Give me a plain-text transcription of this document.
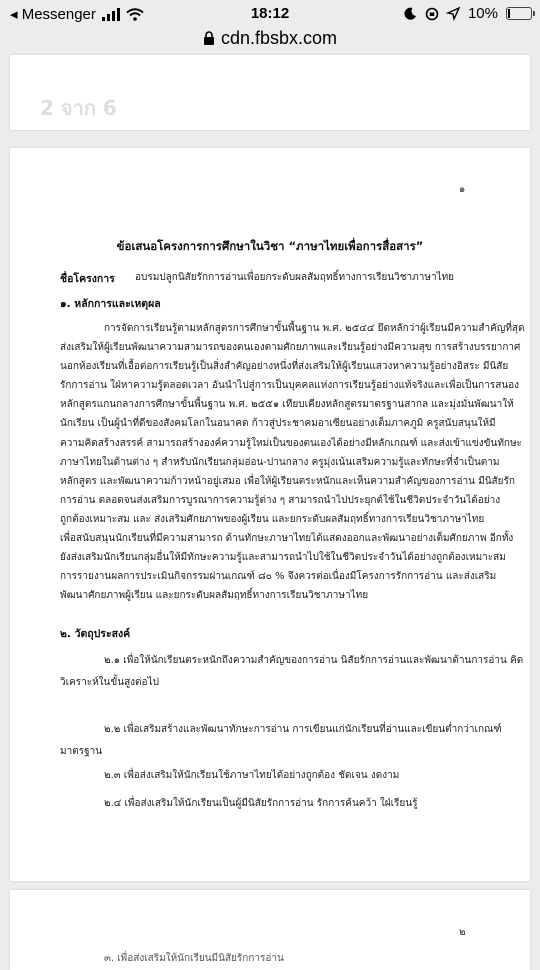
◂ Messenger	18:12	10%
cdn.fbsbx.com
2 จาก 6
๑
ข้อเสนอโครงการการศึกษาในวิชา “ภาษาไทยเพื่อการสื่อสาร”
ชื่อโครงการ อบรมปลูกนิสัยรักการอ่านเพื่อยกระดับผลสัมฤทธิ์ทางการเรียนวิชาภาษาไทย
๑. หลักการและเหตุผล
การจัดการเรียนรู้ตามหลักสูตรการศึกษาขั้นพื้นฐาน พ.ศ. ๒๕๔๔ ยึดหลักว่าผู้เรียนมีความสำคัญที่สุด
ส่งเสริมให้ผู้เรียนพัฒนาความสามารถของตนเองตามศักยภาพและเรียนรู้อย่างมีความสุข การสร้างบรรยากาศ
นอกห้องเรียนที่เอื้อต่อการเรียนรู้เป็นสิ่งสำคัญอย่างหนึ่งที่ส่งเสริมให้ผู้เรียนแสวงหาความรู้อย่างอิสระ มีนิสัย
รักการอ่าน ใฝ่หาความรู้ตลอดเวลา อันนำไปสู่การเป็นบุคคลแห่งการเรียนรู้อย่างแท้จริงและเพื่อเป็นการสนอง
หลักสูตรแกนกลางการศึกษาขั้นพื้นฐาน พ.ศ. ๒๕๕๑ เทียบเคียงหลักสูตรมาตรฐานสากล และมุ่งมั่นพัฒนาให้
นักเรียน เป็นผู้นำที่ดีของสังคมโลกในอนาคต ก้าวสู่ประชาคมอาเซียนอย่างเต็มภาคภูมิ ครูสนับสนุนให้มี
ความคิดสร้างสรรค์ สามารถสร้างองค์ความรู้ใหม่เป็นของตนเองได้อย่างมีหลักเกณฑ์ และส่งเข้าแข่งขันทักษะ
ภาษาไทยในด้านต่าง ๆ สำหรับนักเรียนกลุ่มอ่อน-ปานกลาง ครูมุ่งเน้นเสริมความรู้และทักษะที่จำเป็นตาม
หลักสูตร และพัฒนาความก้าวหน้าอยู่เสมอ เพื่อให้ผู้เรียนตระหนักและเห็นความสำคัญของการอ่าน มีนิสัยรัก
การอ่าน ตลอดจนส่งเสริมการบูรณาการความรู้ต่าง ๆ สามารถนำไปประยุกต์ใช้ในชีวิตประจำวันได้อย่าง
ถูกต้องเหมาะสม และ ส่งเสริมศักยภาพของผู้เรียน และยกระดับผลสัมฤทธิ์ทางการเรียนวิชาภาษาไทย
เพื่อสนับสนุนนักเรียนที่มีความสามารถ ด้านทักษะภาษาไทยได้แสดงออกและพัฒนาอย่างเต็มศักยภาพ อีกทั้ง
ยังส่งเสริมนักเรียนกลุ่มอื่นให้มีทักษะความรู้และสามารถนำไปใช้ในชีวิตประจำวันได้อย่างถูกต้องเหมาะสม
การรายงานผลการประเมินกิจกรรมผ่านเกณฑ์ ๘๐ % จึงควรต่อเนื่องมีโครงการรักการอ่าน และส่งเสริม
พัฒนาศักยภาพผู้เรียน และยกระดับผลสัมฤทธิ์ทางการเรียนวิชาภาษาไทย
๒. วัตถุประสงค์
๒.๑ เพื่อให้นักเรียนตระหนักถึงความสำคัญของการอ่าน นิสัยรักการอ่านและพัฒนาด้านการอ่าน คิด
วิเคราะห์ในขั้นสูงต่อไป
๒.๒ เพื่อเสริมสร้างและพัฒนาทักษะการอ่าน การเขียนแก่นักเรียนที่อ่านและเขียนต่ำกว่าเกณฑ์
มาตรฐาน
๒.๓ เพื่อส่งเสริมให้นักเรียนใช้ภาษาไทยได้อย่างถูกต้อง ชัดเจน งดงาม
๒.๔ เพื่อส่งเสริมให้นักเรียนเป็นผู้มีนิสัยรักการอ่าน รักการค้นคว้า ใฝ่เรียนรู้
๒
๓. เพื่อส่งเสริมให้นักเรียนมีนิสัยรักการอ่าน
